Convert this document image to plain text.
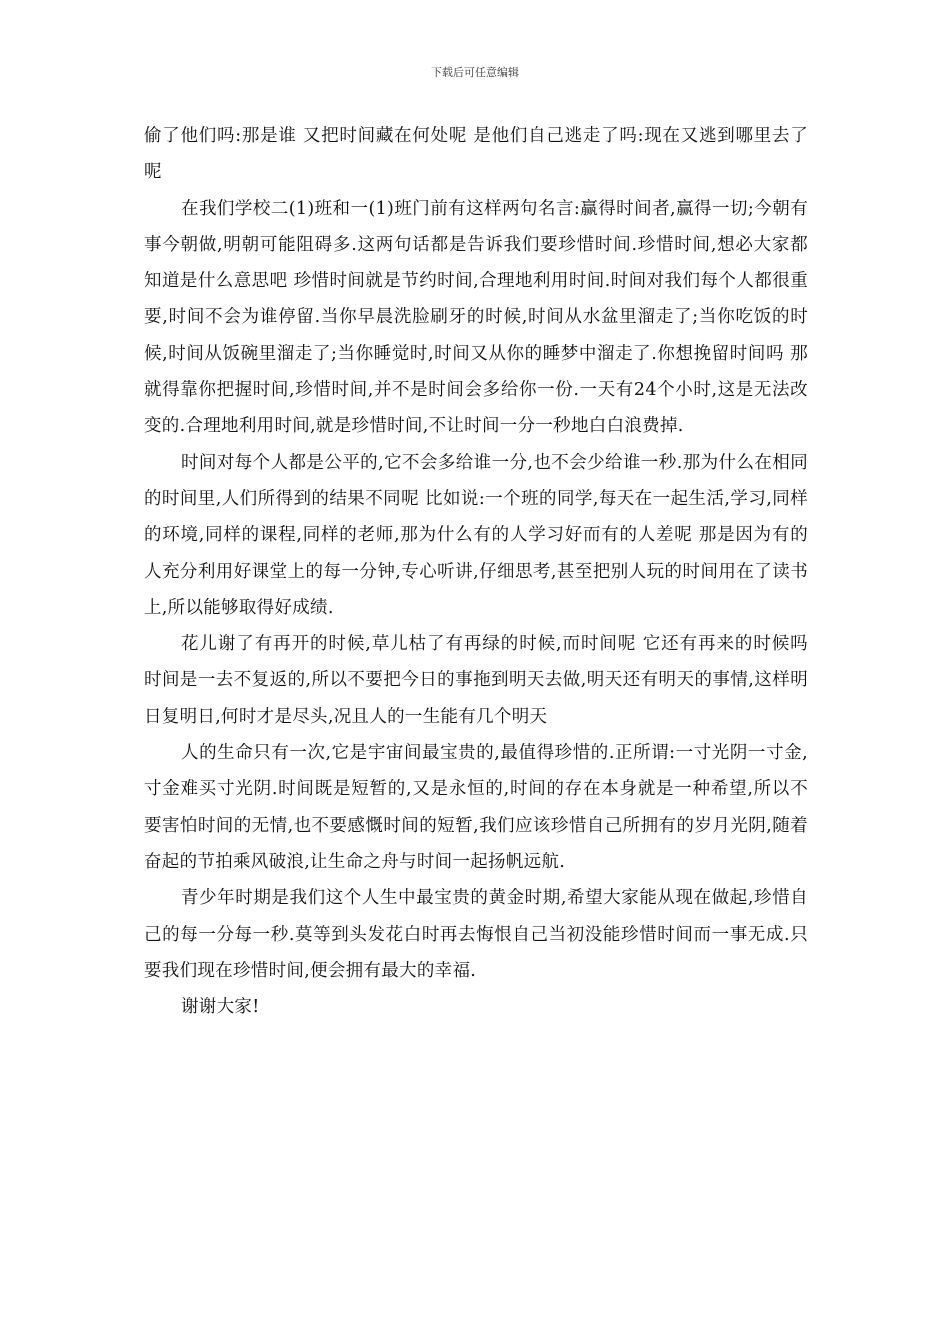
下载后可任意编辑

偷了他们吗:那是谁 又把时间藏在何处呢 是他们自己逃走了吗:现在又逃到哪里去了呢

在我们学校二(1)班和一(1)班门前有这样两句名言:赢得时间者,赢得一切;今朝有事今朝做,明朝可能阻碍多.这两句话都是告诉我们要珍惜时间.珍惜时间,想必大家都知道是什么意思吧 珍惜时间就是节约时间,合理地利用时间.时间对我们每个人都很重要,时间不会为谁停留.当你早晨洗脸刷牙的时候,时间从水盆里溜走了;当你吃饭的时候,时间从饭碗里溜走了;当你睡觉时,时间又从你的睡梦中溜走了.你想挽留时间吗 那就得靠你把握时间,珍惜时间,并不是时间会多给你一份.一天有24个小时,这是无法改变的.合理地利用时间,就是珍惜时间,不让时间一分一秒地白白浪费掉.

时间对每个人都是公平的,它不会多给谁一分,也不会少给谁一秒.那为什么在相同的时间里,人们所得到的结果不同呢 比如说:一个班的同学,每天在一起生活,学习,同样的环境,同样的课程,同样的老师,那为什么有的人学习好而有的人差呢 那是因为有的人充分利用好课堂上的每一分钟,专心听讲,仔细思考,甚至把别人玩的时间用在了读书上,所以能够取得好成绩.

花儿谢了有再开的时候,草儿枯了有再绿的时候,而时间呢 它还有再来的时候吗 时间是一去不复返的,所以不要把今日的事拖到明天去做,明天还有明天的事情,这样明日复明日,何时才是尽头,况且人的一生能有几个明天

人的生命只有一次,它是宇宙间最宝贵的,最值得珍惜的.正所谓:一寸光阴一寸金,寸金难买寸光阴.时间既是短暂的,又是永恒的,时间的存在本身就是一种希望,所以不要害怕时间的无情,也不要感慨时间的短暂,我们应该珍惜自己所拥有的岁月光阴,随着奋起的节拍乘风破浪,让生命之舟与时间一起扬帆远航.

青少年时期是我们这个人生中最宝贵的黄金时期,希望大家能从现在做起,珍惜自己的每一分每一秒.莫等到头发花白时再去悔恨自己当初没能珍惜时间而一事无成.只要我们现在珍惜时间,便会拥有最大的幸福.

谢谢大家!
